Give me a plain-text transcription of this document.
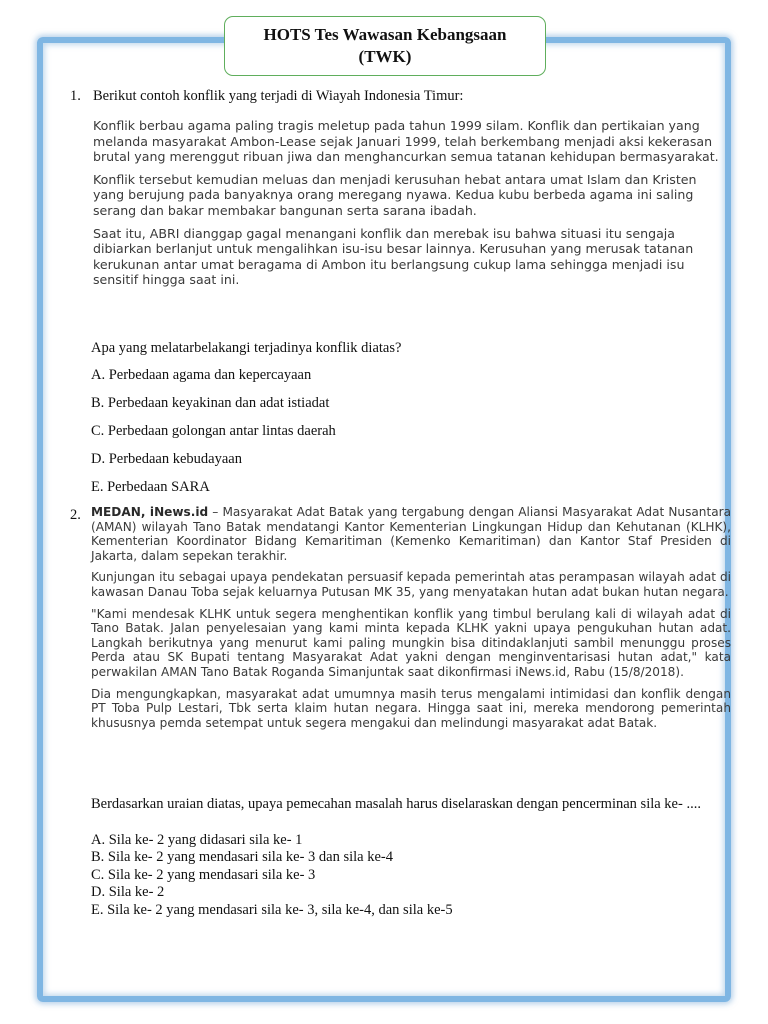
HOTS Tes Wawasan Kebangsaan
(TWK)
1. Berikut contoh konflik yang terjadi di Wiayah Indonesia Timur:

Konflik berbau agama paling tragis meletup pada tahun 1999 silam. Konflik dan pertikaian yang melanda masyarakat Ambon-Lease sejak Januari 1999, telah berkembang menjadi aksi kekerasan brutal yang merenggut ribuan jiwa dan menghancurkan semua tatanan kehidupan bermasyarakat.

Konflik tersebut kemudian meluas dan menjadi kerusuhan hebat antara umat Islam dan Kristen yang berujung pada banyaknya orang meregang nyawa. Kedua kubu berbeda agama ini saling serang dan bakar membakar bangunan serta sarana ibadah.

Saat itu, ABRI dianggap gagal menangani konflik dan merebak isu bahwa situasi itu sengaja dibiarkan berlanjut untuk mengalihkan isu-isu besar lainnya. Kerusuhan yang merusak tatanan kerukunan antar umat beragama di Ambon itu berlangsung cukup lama sehingga menjadi isu sensitif hingga saat ini.

Apa yang melatarbelakangi terjadinya konflik diatas?
A. Perbedaan agama dan kepercayaan
B. Perbedaan keyakinan dan adat istiadat
C. Perbedaan golongan antar lintas daerah
D. Perbedaan kebudayaan
E. Perbedaan SARA
2. MEDAN, iNews.id – Masyarakat Adat Batak yang tergabung dengan Aliansi Masyarakat Adat Nusantara (AMAN) wilayah Tano Batak mendatangi Kantor Kementerian Lingkungan Hidup dan Kehutanan (KLHK), Kementerian Koordinator Bidang Kemaritiman (Kemenko Kemaritiman) dan Kantor Staf Presiden di Jakarta, dalam sepekan terakhir.

Kunjungan itu sebagai upaya pendekatan persuasif kepada pemerintah atas perampasan wilayah adat di kawasan Danau Toba sejak keluarnya Putusan MK 35, yang menyatakan hutan adat bukan hutan negara.

"Kami mendesak KLHK untuk segera menghentikan konflik yang timbul berulang kali di wilayah adat di Tano Batak. Jalan penyelesaian yang kami minta kepada KLHK yakni upaya pengukuhan hutan adat. Langkah berikutnya yang menurut kami paling mungkin bisa ditindaklanjuti sambil menunggu proses Perda atau SK Bupati tentang Masyarakat Adat yakni dengan menginventarisasi hutan adat," kata perwakilan AMAN Tano Batak Roganda Simanjuntak saat dikonfirmasi iNews.id, Rabu (15/8/2018).

Dia mengungkapkan, masyarakat adat umumnya masih terus mengalami intimidasi dan konflik dengan PT Toba Pulp Lestari, Tbk serta klaim hutan negara. Hingga saat ini, mereka mendorong pemerintah khususnya pemda setempat untuk segera mengakui dan melindungi masyarakat adat Batak.

Berdasarkan uraian diatas, upaya pemecahan masalah harus diselaraskan dengan pencerminan sila ke- ....
A. Sila ke- 2 yang didasari sila ke- 1
B. Sila ke- 2 yang mendasari sila ke- 3 dan sila ke-4
C. Sila ke- 2 yang mendasari sila ke- 3
D. Sila ke- 2
E. Sila ke- 2 yang mendasari sila ke- 3, sila ke-4, dan sila ke-5
